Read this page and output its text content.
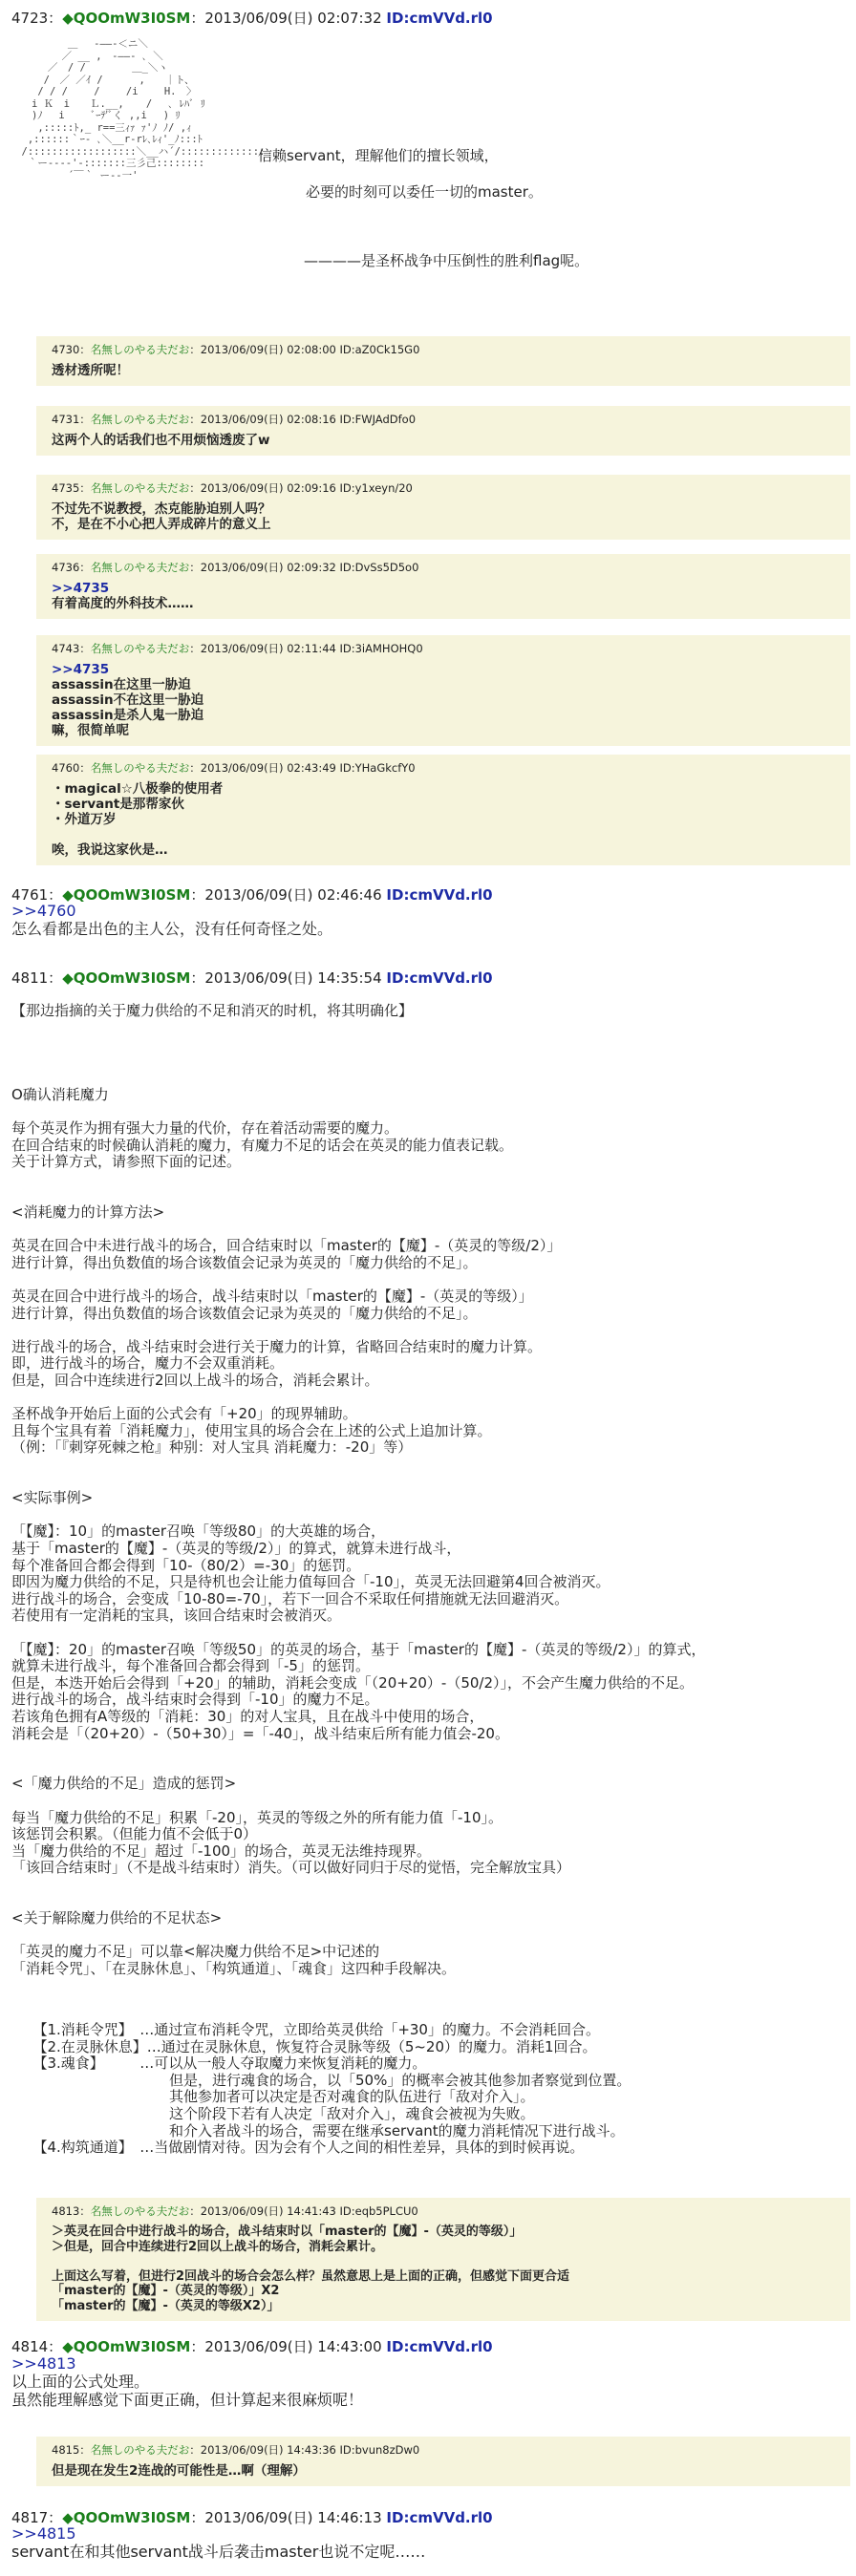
4723：◆QOOmW3I0SM：2013/06/09(日) 02:07:32 ID:cmVVd.rl0
　　　　　 ＿　 -――-＜ニ＼
　　　　　／ __ ,　-――- ､ ＼
　　　 ／　/ /　　　　 ＿_＼ヽ
　 　 /　／ ／ｲ /　　　 ,　　｜ト、
　　 / / /　　 /　　 /i　　 H.　〉
　　i Ｋ　i　　Ｌ.__, 　 /　 ､ ﾚﾊﾞ ﾘ
　　)ﾉ　 i　　 ﾞｰﾃ'ﾞく ,,i 　) ﾘ
　　 ,:::::ﾄ,_ r==三ｨｧ ｧ'ﾉ ﾉ/ ,ｨ
　 ,::::::｀ｰ- ､＼__r-rﾚ､ﾚｨ'_ﾉ:::ﾄ
　/::::::::::::::::::＼__ハ´/::::::::::::::
　 ｀ー-‐--'‐:::::::三彡己::::::::
　　　　　 ´￣｀ ー--一'
信赖servant，理解他们的擅长领域，
必要的时刻可以委任一切的master。
————是圣杯战争中压倒性的胜利flag呢。
4730：名無しのやる夫だお：2013/06/09(日) 02:08:00 ID:aZ0Ck15G0
透材透所呢！
4731：名無しのやる夫だお：2013/06/09(日) 02:08:16 ID:FWJAdDfo0
这两个人的话我们也不用烦恼透废了w
4735：名無しのやる夫だお：2013/06/09(日) 02:09:16 ID:y1xeyn/20
不过先不说教授，杰克能胁迫别人吗？
不，是在不小心把人弄成碎片的意义上
4736：名無しのやる夫だお：2013/06/09(日) 02:09:32 ID:DvSs5D5o0
>>4735
有着高度的外科技术……
4743：名無しのやる夫だお：2013/06/09(日) 02:11:44 ID:3iAMHOHQ0
>>4735
assassin在这里一胁迫
assassin不在这里一胁迫
assassin是杀人鬼一胁迫
嘛，很简单呢
4760：名無しのやる夫だお：2013/06/09(日) 02:43:49 ID:YHaGkcfY0
・magical☆八极拳的使用者
・servant是那帮家伙
・外道万岁

唉，我说这家伙是…
4761：◆QOOmW3I0SM：2013/06/09(日) 02:46:46 ID:cmVVd.rl0
>>4760
怎么看都是出色的主人公，没有任何奇怪之处。
4811：◆QOOmW3I0SM：2013/06/09(日) 14:35:54 ID:cmVVd.rl0
【那边指摘的关于魔力供给的不足和消灭的时机，将其明确化】

O确认消耗魔力

每个英灵作为拥有强大力量的代价，存在着活动需要的魔力。
在回合结束的时候确认消耗的魔力，有魔力不足的话会在英灵的能力值表记载。
关于计算方式，请参照下面的记述。

<消耗魔力的计算方法>

英灵在回合中未进行战斗的场合，回合结束时以「master的【魔】-（英灵的等级/2）」
进行计算，得出负数值的场合该数值会记录为英灵的「魔力供给的不足」。

英灵在回合中进行战斗的场合，战斗结束时以「master的【魔】-（英灵的等级）」
进行计算，得出负数值的场合该数值会记录为英灵的「魔力供给的不足」。

进行战斗的场合，战斗结束时会进行关于魔力的计算，省略回合结束时的魔力计算。
即，进行战斗的场合，魔力不会双重消耗。
但是，回合中连续进行2回以上战斗的场合，消耗会累计。

圣杯战争开始后上面的公式会有「+20」的现界辅助。
且每个宝具有着「消耗魔力」，使用宝具的场合会在上述的公式上追加计算。
（例：「『刺穿死棘之枪』种别：对人宝具 消耗魔力：-20」等）

<实际事例>

「【魔】：10」的master召唤「等级80」的大英雄的场合，
基于「master的【魔】-（英灵的等级/2）」的算式，就算未进行战斗，
每个准备回合都会得到「10-（80/2）=-30」的惩罚。
即因为魔力供给的不足，只是待机也会让能力值每回合「-10」，英灵无法回避第4回合被消灭。
进行战斗的场合，会变成「10-80=-70」，若下一回合不采取任何措施就无法回避消灭。
若使用有一定消耗的宝具，该回合结束时会被消灭。

「【魔】：20」的master召唤「等级50」的英灵的场合，基于「master的【魔】-（英灵的等级/2）」的算式，
就算未进行战斗，每个准备回合都会得到「-5」的惩罚。
但是，本迭开始后会得到「+20」的辅助，消耗会变成「（20+20）-（50/2）」，不会产生魔力供给的不足。
进行战斗的场合，战斗结束时会得到「-10」的魔力不足。
若该角色拥有A等级的「消耗：30」的对人宝具，且在战斗中使用的场合，
消耗会是「（20+20）-（50+30）」=「-40」，战斗结束后所有能力值会-20。

<「魔力供给的不足」造成的惩罚>

每当「魔力供给的不足」积累「-20」，英灵的等级之外的所有能力值「-10」。
该惩罚会积累。（但能力值不会低于0）
当「魔力供给的不足」超过「-100」的场合，英灵无法维持现界。
「该回合结束时」（不是战斗结束时）消失。（可以做好同归于尽的觉悟，完全解放宝具）

<关于解除魔力供给的不足状态>

「英灵的魔力不足」可以靠<解决魔力供给不足>中记述的
「消耗令咒」、「在灵脉休息」、「构筑通道」、「魂食」这四种手段解决。
　　【1.消耗令咒】　…通过宣布消耗令咒，立即给英灵供给「+30」的魔力。不会消耗回合。
　　【2.在灵脉休息】…通过在灵脉休息，恢复符合灵脉等级（5~20）的魔力。消耗1回合。
　　【3.魂食】　　　…可以从一般人夺取魔力来恢复消耗的魔力。
　　　　　　　　　　　但是，进行魂食的场合，以「50%」的概率会被其他参加者察觉到位置。
　　　　　　　　　　　其他参加者可以决定是否对魂食的队伍进行「敌对介入」。
　　　　　　　　　　　这个阶段下若有人决定「敌对介入」，魂食会被视为失败。
　　　　　　　　　　　和介入者战斗的场合，需要在继承servant的魔力消耗情况下进行战斗。
　　【4.构筑通道】　…当做剧情对待。因为会有个人之间的相性差异，具体的到时候再说。
4813：名無しのやる夫だお：2013/06/09(日) 14:41:43 ID:eqb5PLCU0
＞英灵在回合中进行战斗的场合，战斗结束时以「master的【魔】-（英灵的等级）」
＞但是，回合中连续进行2回以上战斗的场合，消耗会累计。

上面这么写着，但进行2回战斗的场合会怎么样？虽然意思上是上面的正确，但感觉下面更合适
「master的【魔】-（英灵的等级）」X2
「master的【魔】-（英灵的等级X2）」
4814：◆QOOmW3I0SM：2013/06/09(日) 14:43:00 ID:cmVVd.rl0
>>4813
以上面的公式处理。
虽然能理解感觉下面更正确，但计算起来很麻烦呢！
4815：名無しのやる夫だお：2013/06/09(日) 14:43:36 ID:bvun8zDw0
但是现在发生2连战的可能性是…啊（理解）
4817：◆QOOmW3I0SM：2013/06/09(日) 14:46:13 ID:cmVVd.rl0
>>4815
servant在和其他servant战斗后袭击master也说不定呢……
